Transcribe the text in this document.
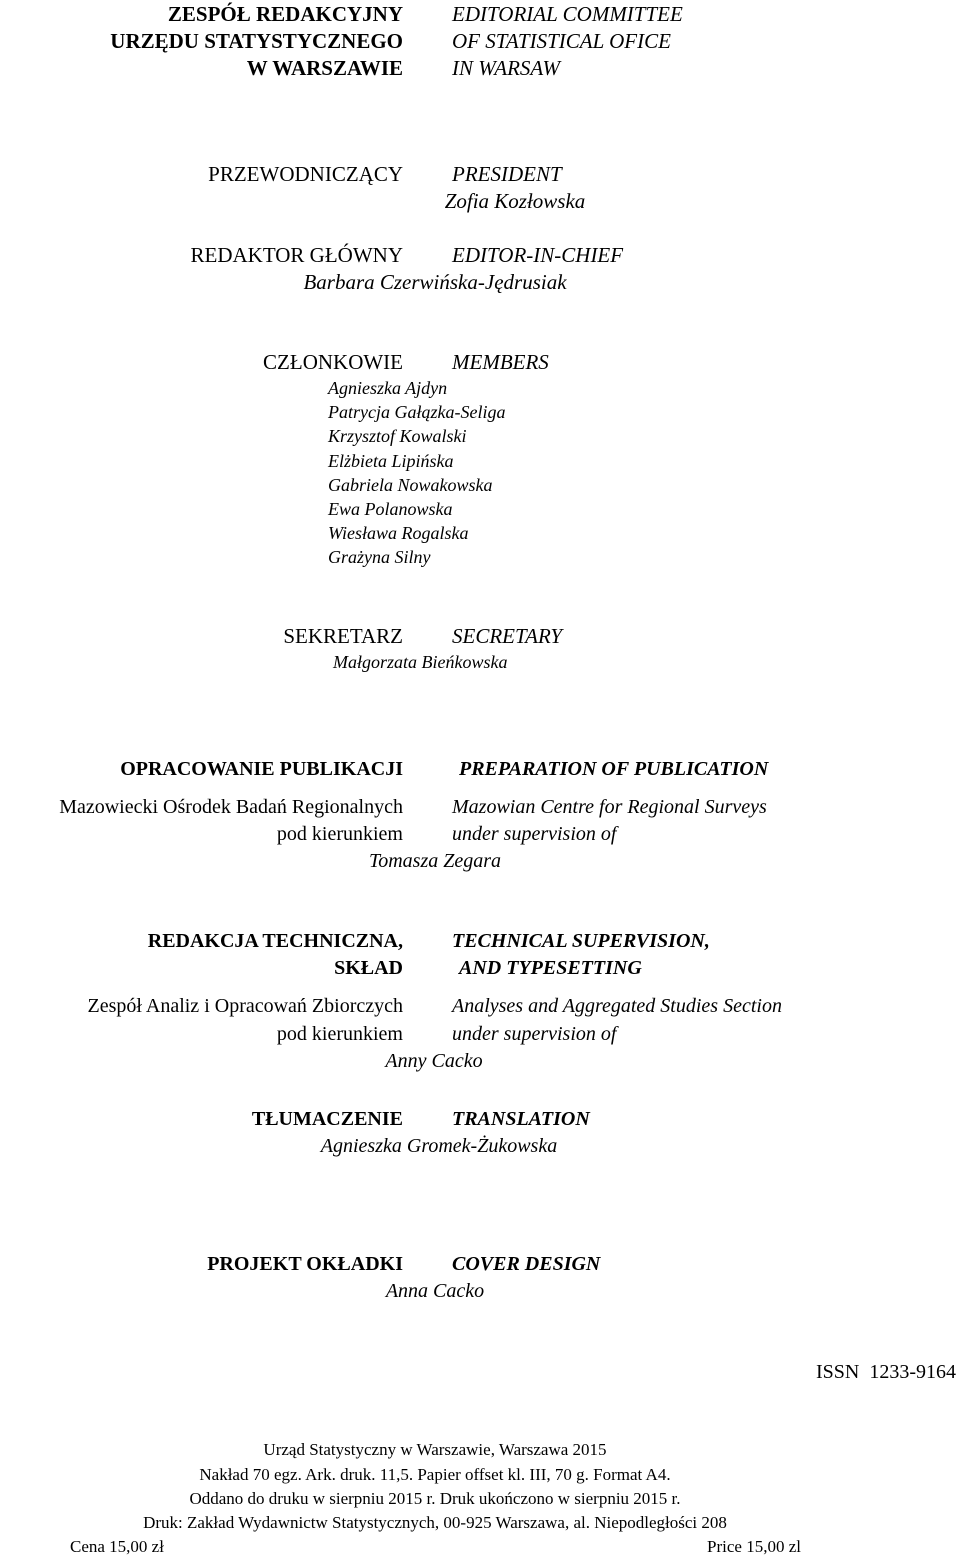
ZESPÓŁ REDAKCYJNY
URZĘDU STATYSTYCZNEGO
W WARSZAWIE
EDITORIAL COMMITTEE
OF STATISTICAL OFICE
IN WARSAW
PRZEWODNICZĄCY PRESIDENT
Zofia Kozłowska
REDAKTOR GŁÓWNY EDITOR-IN-CHIEF
Barbara Czerwińska-Jędrusiak
CZŁONKOWIE MEMBERS
Agnieszka Ajdyn
Patrycja Gałązka-Seliga
Krzysztof Kowalski
Elżbieta Lipińska
Gabriela Nowakowska
Ewa Polanowska
Wiesława Rogalska
Grażyna Silny
SEKRETARZ SECRETARY
Małgorzata Bieńkowska
OPRACOWANIE PUBLIKACJI	PREPARATION OF PUBLICATION
Mazowiecki Ośrodek Badań Regionalnych Mazowian Centre for Regional Surveys
pod kierunkiem under supervision of
Tomasza Zegara
REDAKCJA TECHNICZNA,
SKŁAD
TECHNICAL SUPERVISION,
AND TYPESETTING
Zespół Analiz i Opracowań Zbiorczych Analyses and Aggregated Studies Section
pod kierunkiem under supervision of
Anny Cacko
TŁUMACZENIE TRANSLATION
Agnieszka Gromek-Żukowska
PROJEKT OKŁADKI COVER DESIGN
Anna Cacko
ISSN  1233-9164
Urząd Statystyczny w Warszawie, Warszawa 2015
Nakład 70 egz. Ark. druk. 11,5. Papier offset kl. III, 70 g. Format A4.
Oddano do druku w sierpniu 2015 r. Druk ukończono w sierpniu 2015 r.
Druk: Zakład Wydawnictw Statystycznych, 00-925 Warszawa, al. Niepodległości 208
Cena 15,00 zł	Price 15,00 zl
